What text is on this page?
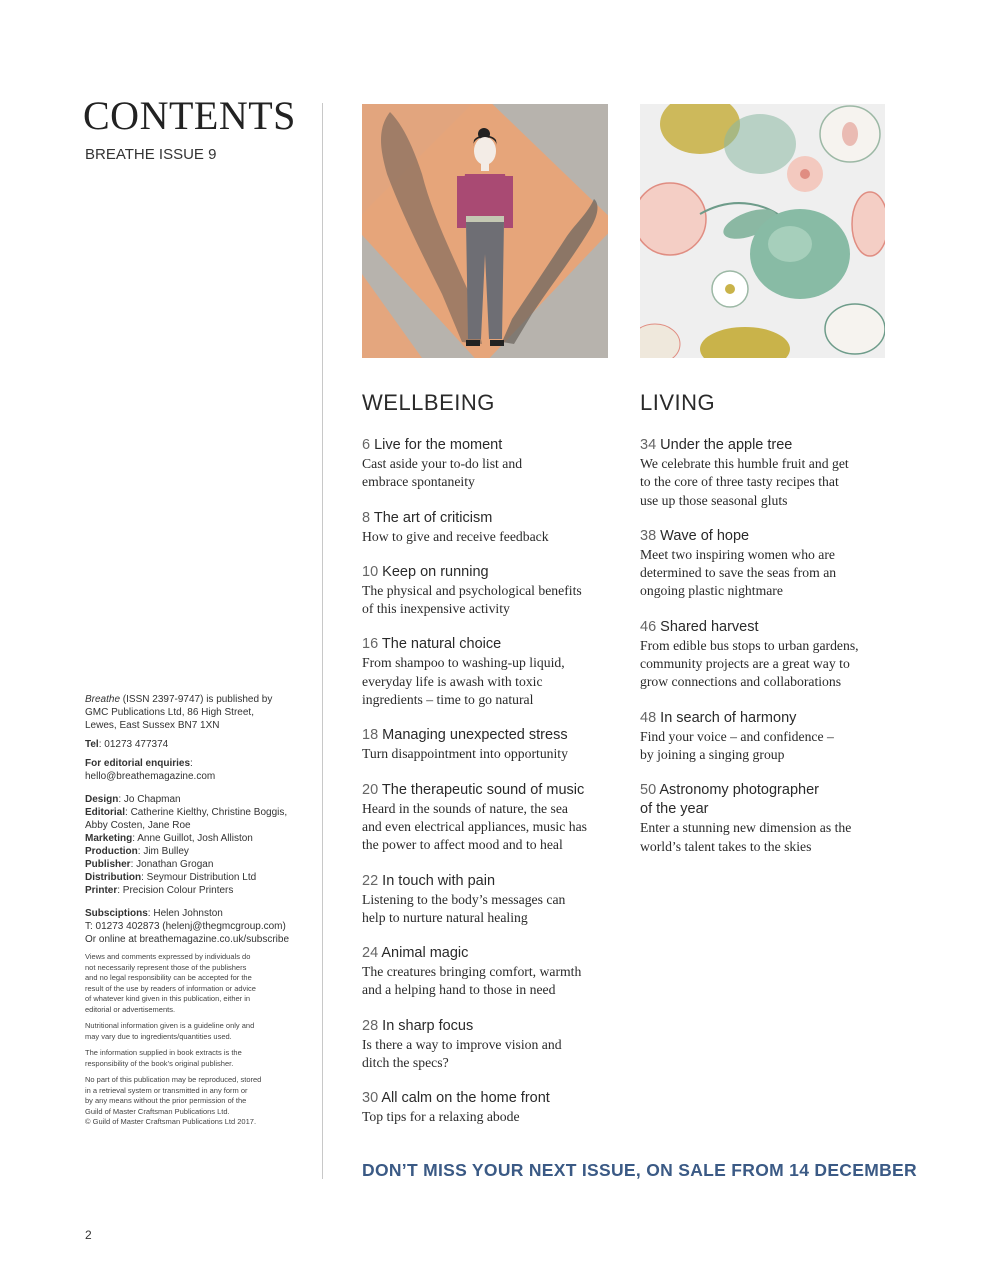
CONTENTS
BREATHE ISSUE 9
WELLBEING	LIVING
6 Live for the moment
Cast aside your to-do list and
embrace spontaneity
8 The art of criticism
How to give and receive feedback
10 Keep on running
The physical and psychological benefits
of this inexpensive activity
16 The natural choice
From shampoo to washing-up liquid,
everyday life is awash with toxic
ingredients – time to go natural
18 Managing unexpected stress
Turn disappointment into opportunity
20 The therapeutic sound of music
Heard in the sounds of nature, the sea
and even electrical appliances, music has
the power to affect mood and to heal
22 In touch with pain
Listening to the body’s messages can
help to nurture natural healing
24 Animal magic
The creatures bringing comfort, warmth
and a helping hand to those in need
28 In sharp focus
Is there a way to improve vision and
ditch the specs?
30 All calm on the home front
Top tips for a relaxing abode
34 Under the apple tree
We celebrate this humble fruit and get
to the core of three tasty recipes that
use up those seasonal gluts
38 Wave of hope
Meet two inspiring women who are
determined to save the seas from an
ongoing plastic nightmare
46 Shared harvest
From edible bus stops to urban gardens,
community projects are a great way to
grow connections and collaborations
48 In search of harmony
Find your voice – and confidence –
by joining a singing group
50 Astronomy photographer
of the year
Enter a stunning new dimension as the
world’s talent takes to the skies

Breathe (ISSN 2397-9747) is published by

GMC Publications Ltd, 86 High Street,

Lewes, East Sussex BN7 1XN

Tel: 01273 477374

For editorial enquiries:

hello@breathemagazine.com

Design: Jo Chapman

Editorial: Catherine Kielthy, Christine Boggis,

Abby Costen, Jane Roe

Marketing: Anne Guillot, Josh Alliston

Production: Jim Bulley

Publisher: Jonathan Grogan

Distribution: Seymour Distribution Ltd

Printer: Precision Colour Printers

Subsciptions: Helen Johnston

T: 01273 402873 (helenj@thegmcgroup.com)

Or online at breathemagazine.co.uk/subscribe

Views and comments expressed by individuals do

not necessarily represent those of the publishers

and no legal responsibility can be accepted for the

result of the use by readers of information or advice

of whatever kind given in this publication, either in

editorial or advertisements.

Nutritional information given is a guideline only and

may vary due to ingredients/quantities used.

The information supplied in book extracts is the

responsibility of the book’s original publisher.

No part of this publication may be reproduced, stored

in a retrieval system or transmitted in any form or

by any means without the prior permission of the

Guild of Master Craftsman Publications Ltd.

© Guild of Master Craftsman Publications Ltd 2017.

DON’T MISS YOUR NEXT ISSUE, ON SALE FROM 14 DECEMBER
2
